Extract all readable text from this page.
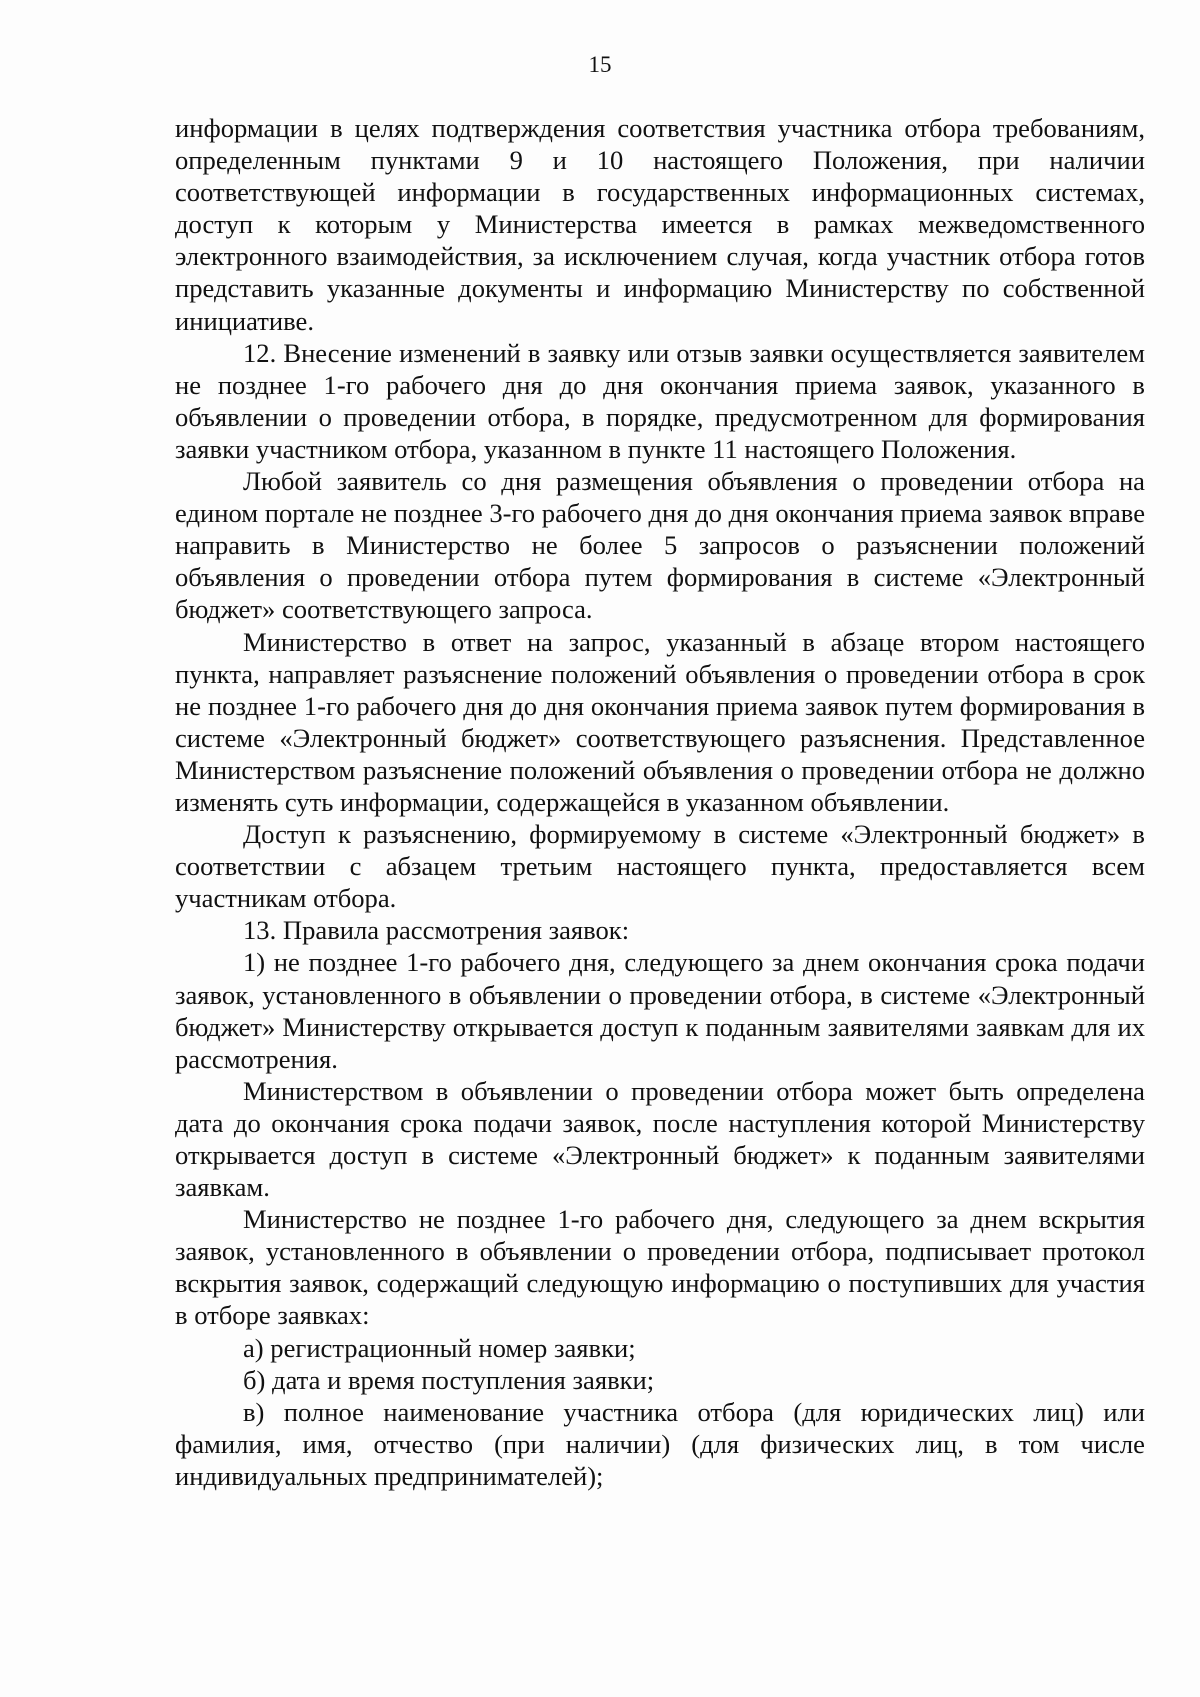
15

информации в целях подтверждения соответствия участника отбора требованиям, определенным пунктами 9 и 10 настоящего Положения, при наличии соответствующей информации в государственных информационных системах, доступ к которым у Министерства имеется в рамках межведомственного электронного взаимодействия, за исключением случая, когда участник отбора готов представить указанные документы и информацию Министерству по собственной инициативе.

12. Внесение изменений в заявку или отзыв заявки осуществляется заявителем не позднее 1-го рабочего дня до дня окончания приема заявок, указанного в объявлении о проведении отбора, в порядке, предусмотренном для формирования заявки участником отбора, указанном в пункте 11 настоящего Положения.

Любой заявитель со дня размещения объявления о проведении отбора на едином портале не позднее 3-го рабочего дня до дня окончания приема заявок вправе направить в Министерство не более 5 запросов о разъяснении положений объявления о проведении отбора путем формирования в системе «Электронный бюджет» соответствующего запроса.

Министерство в ответ на запрос, указанный в абзаце втором настоящего пункта, направляет разъяснение положений объявления о проведении отбора в срок не позднее 1-го рабочего дня до дня окончания приема заявок путем формирования в системе «Электронный бюджет» соответствующего разъяснения. Представленное Министерством разъяснение положений объявления о проведении отбора не должно изменять суть информации, содержащейся в указанном объявлении.

Доступ к разъяснению, формируемому в системе «Электронный бюджет» в соответствии с абзацем третьим настоящего пункта, предоставляется всем участникам отбора.

13. Правила рассмотрения заявок:

1) не позднее 1-го рабочего дня, следующего за днем окончания срока подачи заявок, установленного в объявлении о проведении отбора, в системе «Электронный бюджет» Министерству открывается доступ к поданным заявителями заявкам для их рассмотрения.

Министерством в объявлении о проведении отбора может быть определена дата до окончания срока подачи заявок, после наступления которой Министерству открывается доступ в системе «Электронный бюджет» к поданным заявителями заявкам.

Министерство не позднее 1-го рабочего дня, следующего за днем вскрытия заявок, установленного в объявлении о проведении отбора, подписывает протокол вскрытия заявок, содержащий следующую информацию о поступивших для участия в отборе заявках:

а) регистрационный номер заявки;

б) дата и время поступления заявки;

в) полное наименование участника отбора (для юридических лиц) или фамилия, имя, отчество (при наличии) (для физических лиц, в том числе индивидуальных предпринимателей);
